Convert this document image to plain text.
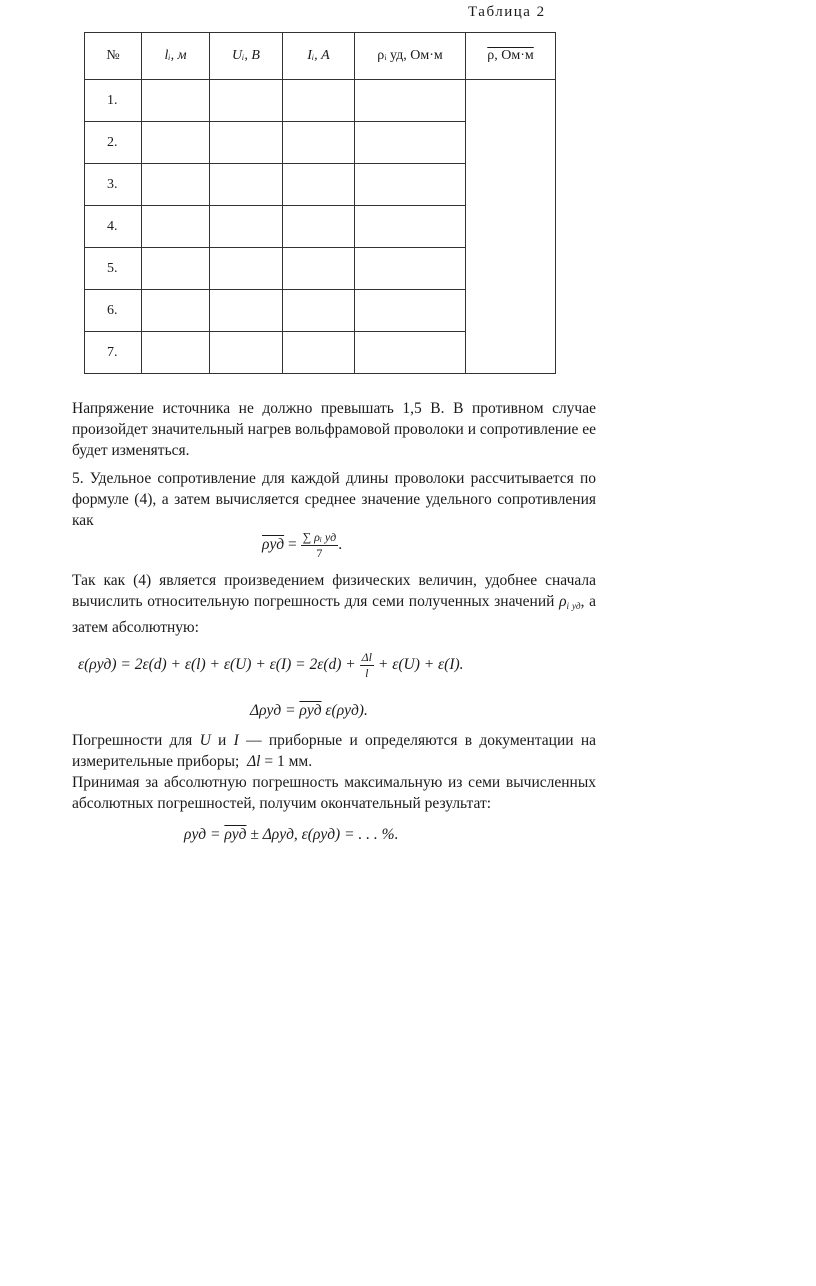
Таблица 2
№	lᵢ, м	Uᵢ, В	Iᵢ, А	ρᵢ уд, Ом·м	ρ, Ом·м
1.					
2.					
3.					
4.					
5.					
6.					
7.					

Напряжение источника не должно превышать 1,5 В. В противном случае произойдет значительный нагрев вольфрамовой проволоки и сопротивление ее будет изменяться.

5. Удельное сопротивление для каждой длины проволоки рассчитывается по формуле (4), а затем вычисляется среднее значение удельного сопротивления как

$\rho уд = \frac{\text{∑ ρᵢ уд}}{7}$ .

Так как (4) является произведением физических величин, удобнее сначала вычислить относительную погрешность для семи полученных значений $\rho_{i уд}$, а затем абсолютную:

$\varepsilon(\rho уд) = 2\varepsilon(d) + \varepsilon(l) + \varepsilon(U) + \varepsilon(I) = 2\varepsilon(d) + \frac{\Delta l}{l} + \varepsilon(U) + \varepsilon(I)$.
Δρуд = ρуд ε(ρуд).

Погрешности для U и I — приборные и определяются в документации на измерительные приборы; Δl = 1 мм.

Принимая за абсолютную погрешность максимальную из семи вычисленных абсолютных погрешностей, получим окончательный результат:

ρуд = ρуд ± Δρуд, ε(ρуд) = . . . %.
